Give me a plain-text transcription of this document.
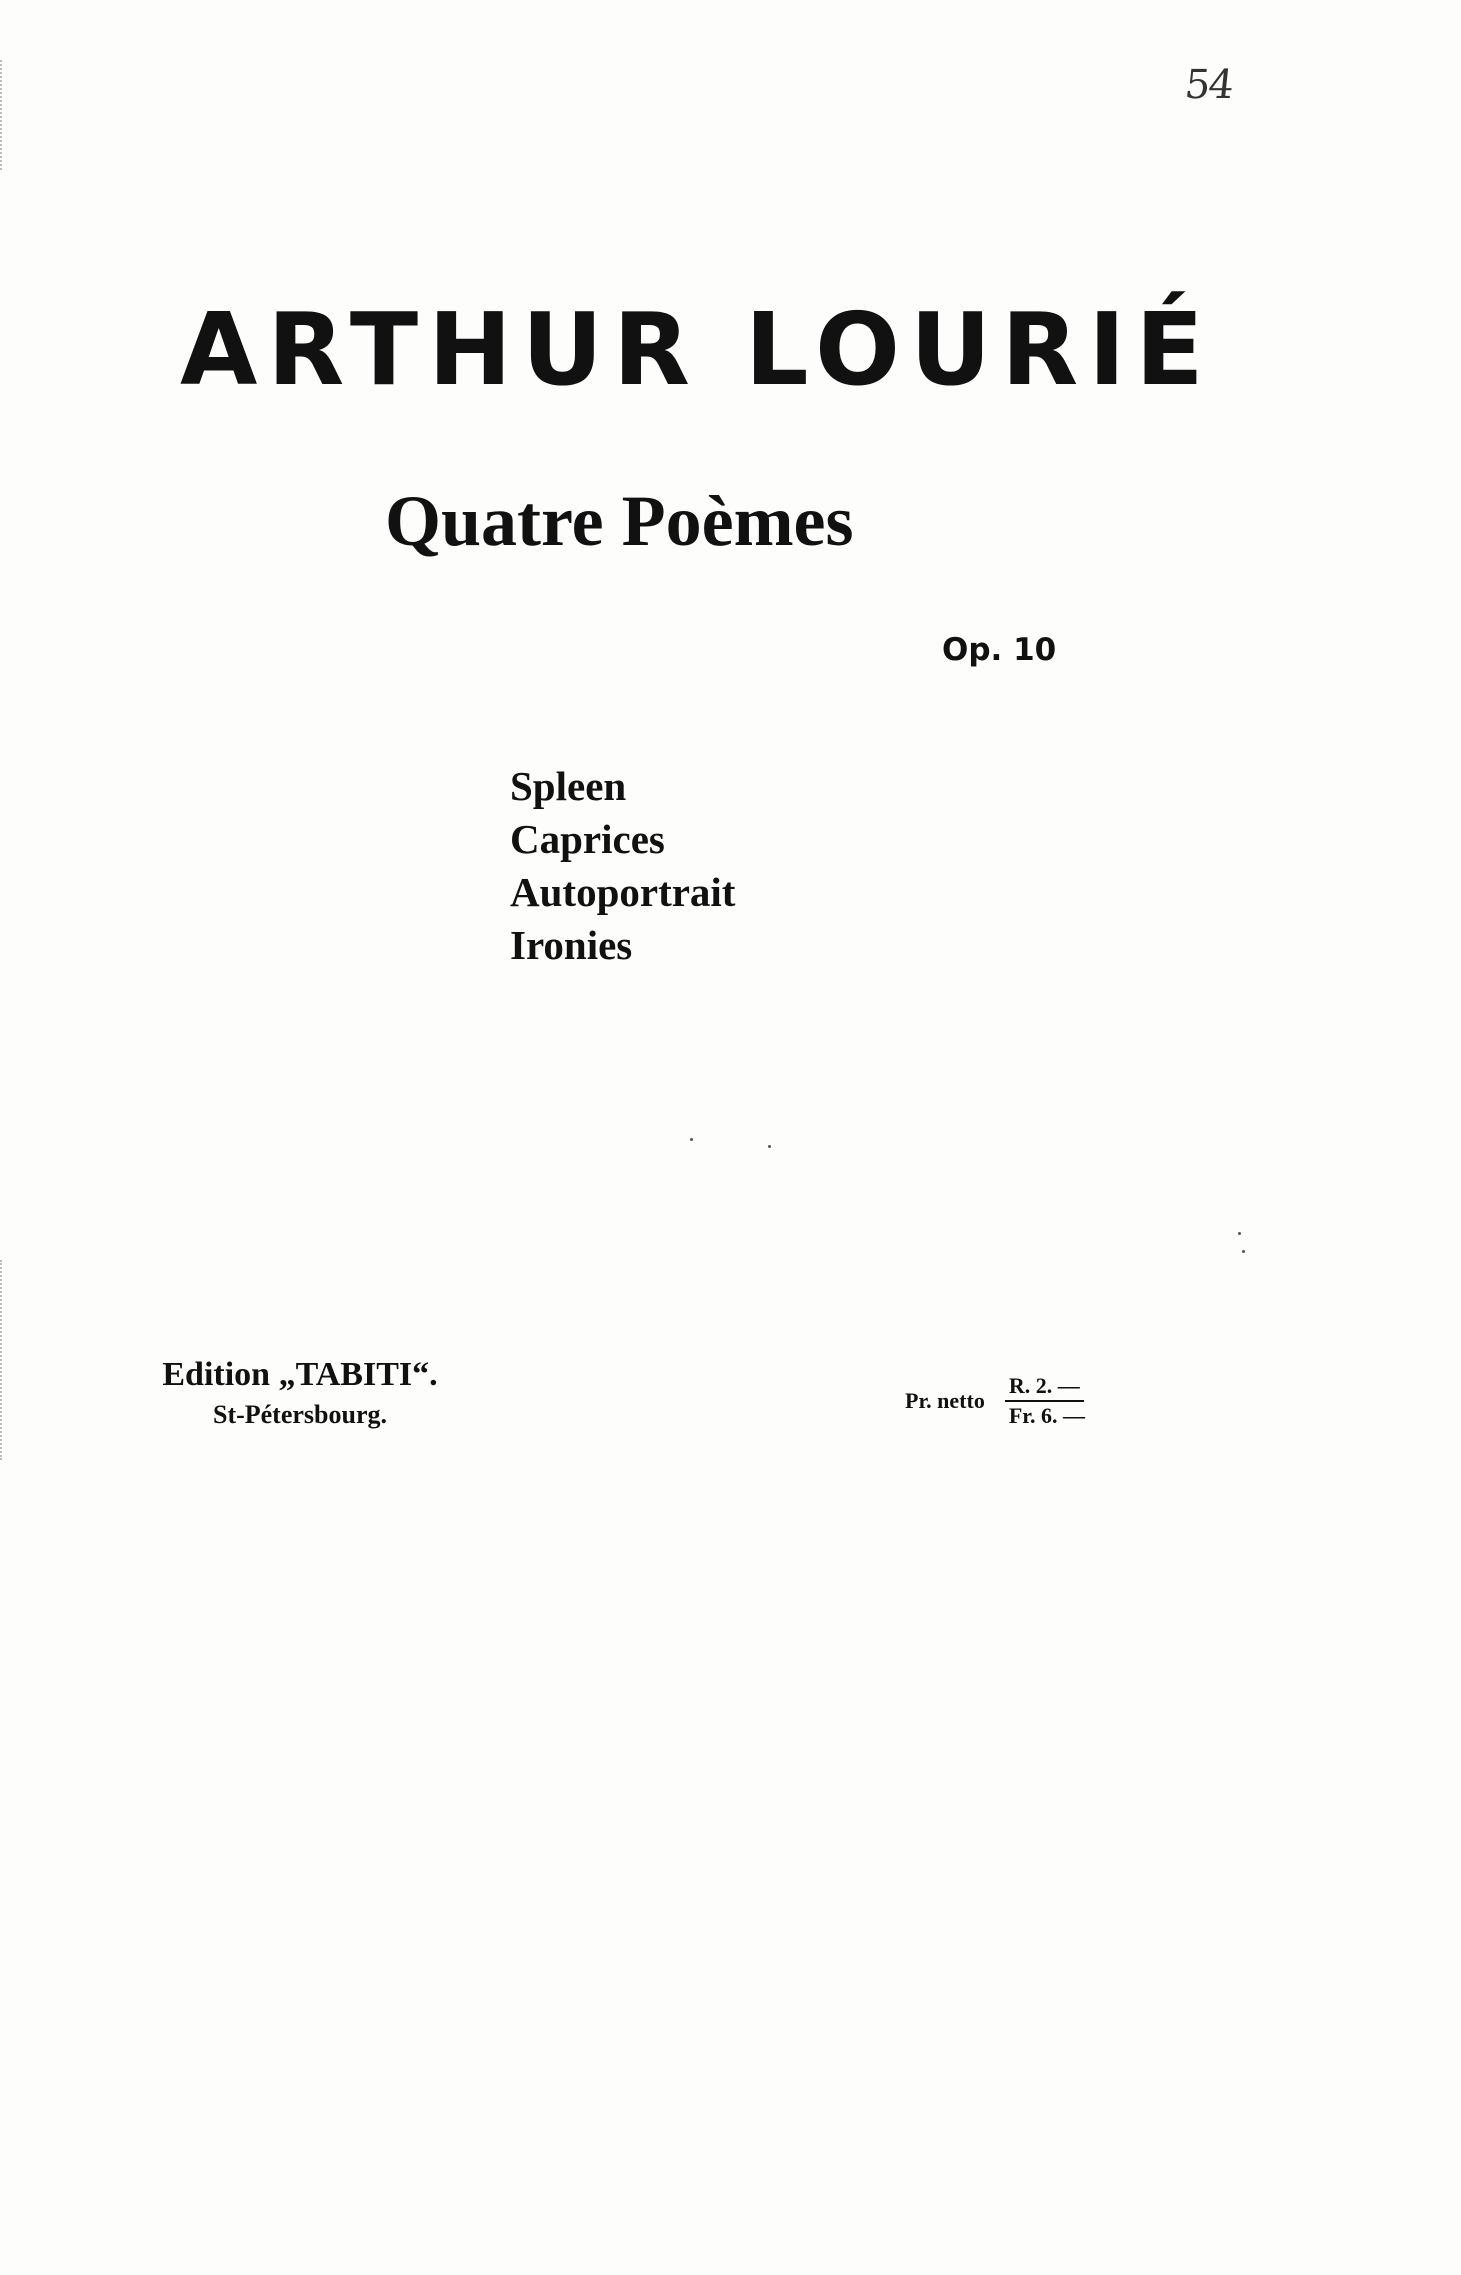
54
ARTHUR LOURIÉ
Quatre Poèmes
Op. 10
Spleen
Caprices
Autoportrait
Ironies
Edition „TABITI“.
St-Pétersbourg.	Pr. netto $\frac{R. 2. —}{Fr. 6. —}$
